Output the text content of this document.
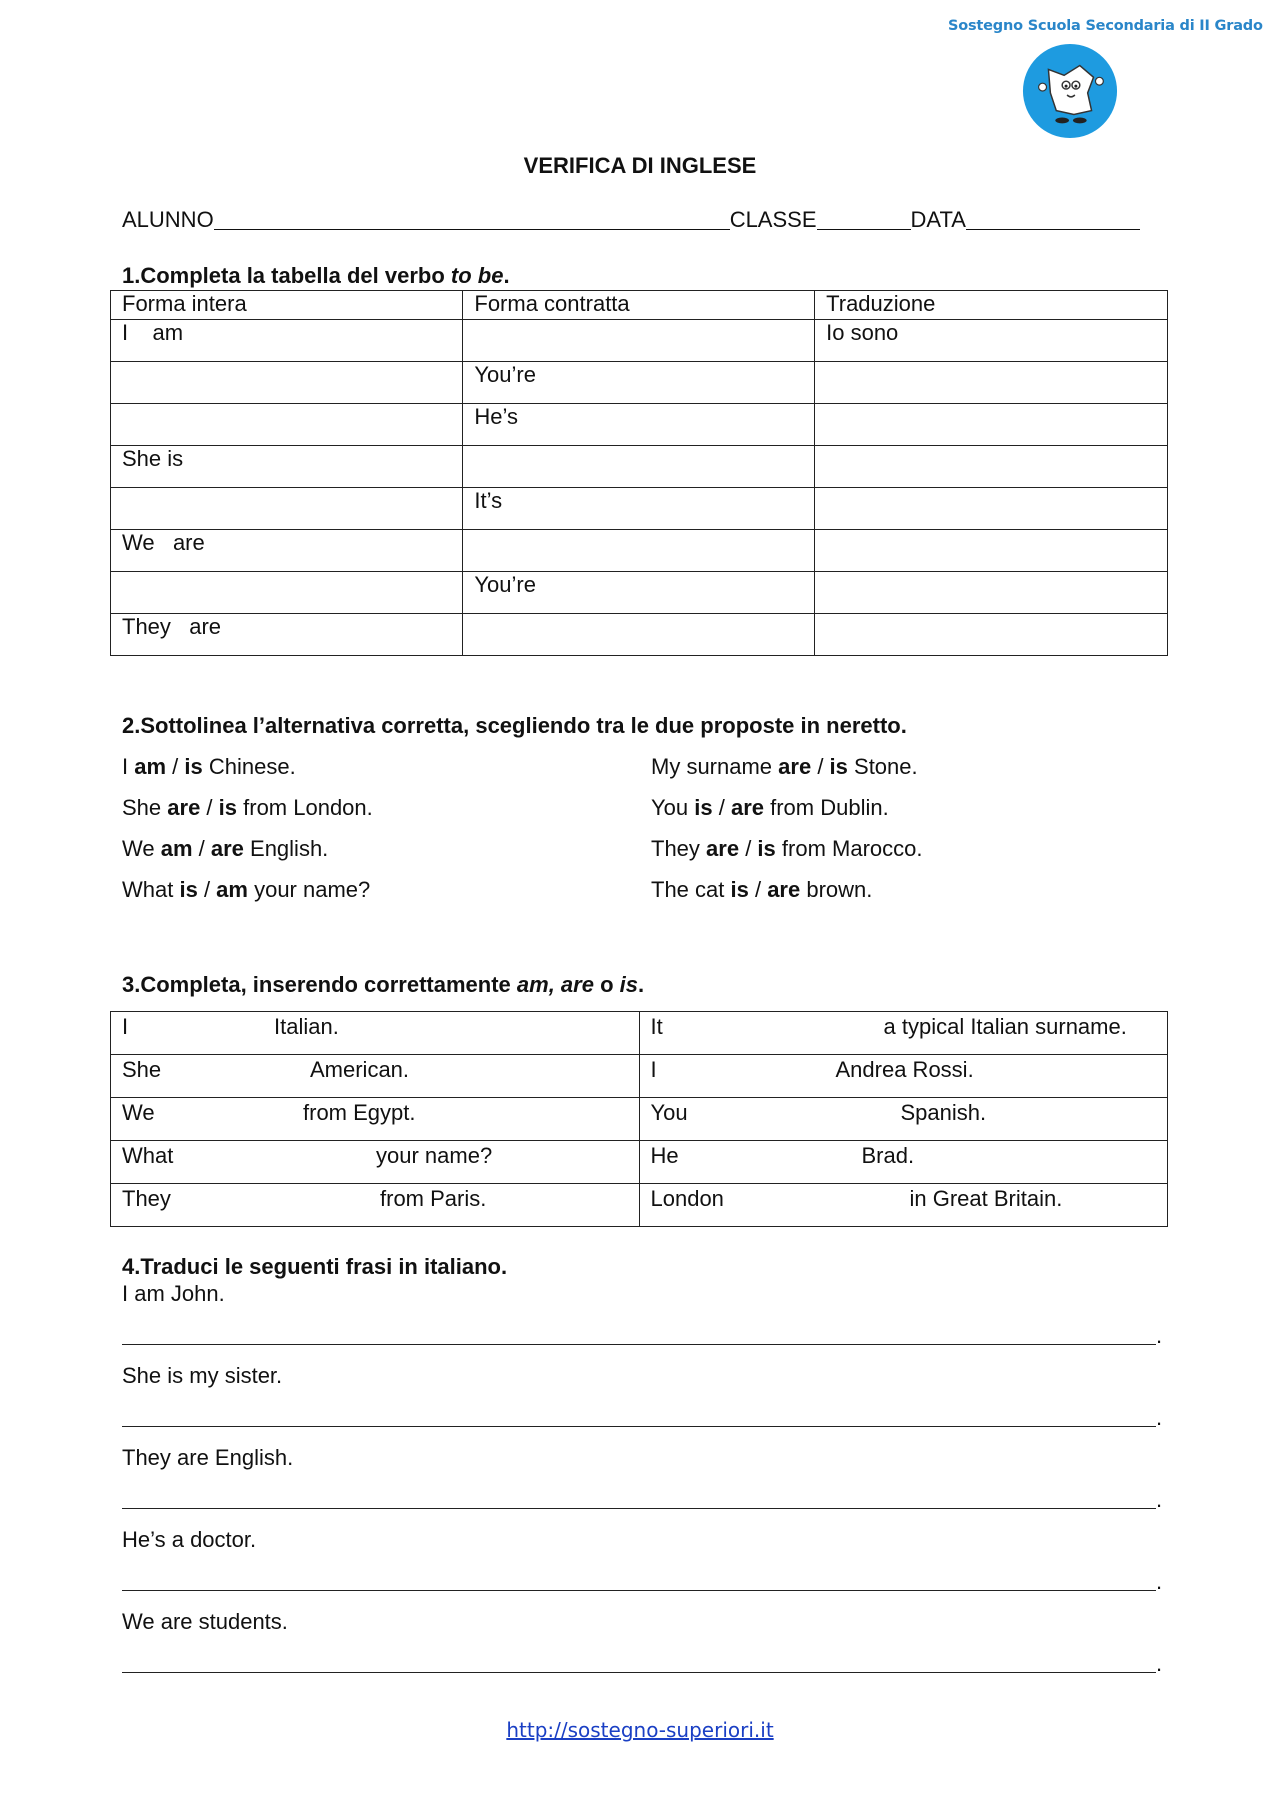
Sostegno Scuola Secondaria di II Grado
VERIFICA DI INGLESE
ALUNNO	CLASSE	DATA
1.Completa la tabella del verbo to be.
Forma intera	Forma contratta	Traduzione
I    am		Io sono
	You’re	
	He’s	
She is		
	It’s	
We   are		
	You’re	
They   are		
2.Sottolinea l’alternativa corretta, scegliendo tra le due proposte in neretto.
I am / is Chinese.
She are / is from London.
We am / are English.
What is / am your name?
My surname are / is Stone.
You is / are from Dublin.
They are / is from Marocco.
The cat is / are brown.
3.Completa, inserendo correttamente am, are o is.
I Italian.	It a typical Italian surname.

She American.	I Andrea Rossi.

We from Egypt.	You Spanish.

What your name?	He Brad.

They from Paris.	London in Great Britain.
4.Traduci le seguenti frasi in italiano.
I am John.
.
She is my sister.
.
They are English.
.
He’s a doctor.
.
We are students.
.
http://sostegno-superiori.it
